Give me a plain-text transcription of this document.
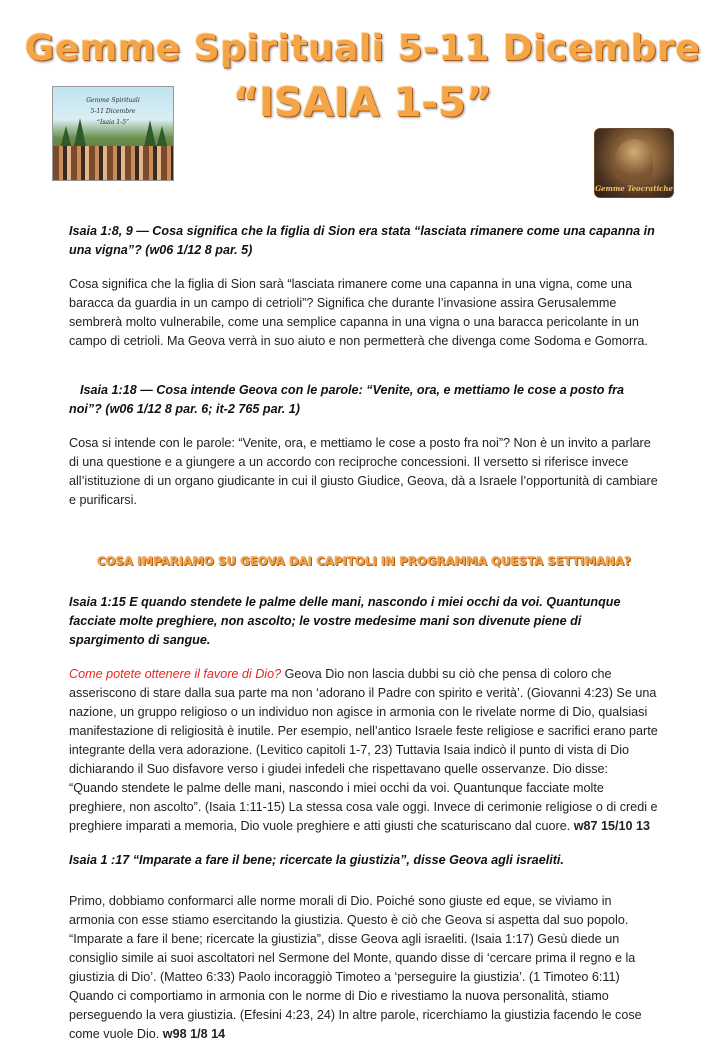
Gemme Spirituali 5-11 Dicembre
“ISAIA 1-5”
Gemme Spirituali
5-11 Dicembre
“Isaia 1-5”
Gemme Teocratiche

Isaia 1:8, 9 — Cosa significa che la figlia di Sion era stata “lasciata rimanere come una capanna in una vigna”? (w06 1/12 8 par. 5)

Cosa significa che la figlia di Sion sarà “lasciata rimanere come una capanna in una vigna, come una baracca da guardia in un campo di cetrioli”? Significa che durante l’invasione assira Gerusalemme sembrerà molto vulnerabile, come una semplice capanna in una vigna o una baracca pericolante in un campo di cetrioli. Ma Geova verrà in suo aiuto e non permetterà che divenga come Sodoma e Gomorra.

Isaia 1:18 — Cosa intende Geova con le parole: “Venite, ora, e mettiamo le cose a posto fra noi”? (w06 1/12 8 par. 6; it-2 765 par. 1)

Cosa si intende con le parole: “Venite, ora, e mettiamo le cose a posto fra noi”? Non è un invito a parlare di una questione e a giungere a un accordo con reciproche concessioni. Il versetto si riferisce invece all’istituzione di un organo giudicante in cui il giusto Giudice, Geova, dà a Israele l’opportunità di cambiare e purificarsi.

COSA IMPARIAMO SU GEOVA DAI CAPITOLI IN PROGRAMMA QUESTA SETTIMANA?

Isaia 1:15 E quando stendete le palme delle mani, nascondo i miei occhi da voi. Quantunque facciate molte preghiere, non ascolto; le vostre medesime mani son divenute piene di spargimento di sangue.

Come potete ottenere il favore di Dio? Geova Dio non lascia dubbi su ciò che pensa di coloro che asseriscono di stare dalla sua parte ma non ‘adorano il Padre con spirito e verità’. (Giovanni 4:23) Se una nazione, un gruppo religioso o un individuo non agisce in armonia con le rivelate norme di Dio, qualsiasi manifestazione di religiosità è inutile. Per esempio, nell’antico Israele feste religiose e sacrifici erano parte integrante della vera adorazione. (Levitico capitoli 1-7, 23) Tuttavia Isaia indicò il punto di vista di Dio dichiarando il Suo disfavore verso i giudei infedeli che rispettavano quelle osservanze. Dio disse: “Quando stendete le palme delle mani, nascondo i miei occhi da voi. Quantunque facciate molte preghiere, non ascolto”. (Isaia 1:11-15) La stessa cosa vale oggi. Invece di cerimonie religiose o di credi e preghiere imparati a memoria, Dio vuole preghiere e atti giusti che scaturiscano dal cuore. w87 15/10 13

Isaia 1 :17 “Imparate a fare il bene; ricercate la giustizia”, disse Geova agli israeliti.

Primo, dobbiamo conformarci alle norme morali di Dio. Poiché sono giuste ed eque, se viviamo in armonia con esse stiamo esercitando la giustizia. Questo è ciò che Geova si aspetta dal suo popolo. “Imparate a fare il bene; ricercate la giustizia”, disse Geova agli israeliti. (Isaia 1:17) Gesù diede un consiglio simile ai suoi ascoltatori nel Sermone del Monte, quando disse di ‘cercare prima il regno e la giustizia di Dio’. (Matteo 6:33) Paolo incoraggiò Timoteo a ‘perseguire la giustizia’. (1 Timoteo 6:11) Quando ci comportiamo in armonia con le norme di Dio e rivestiamo la nuova personalità, stiamo perseguendo la vera giustizia. (Efesini 4:23, 24) In altre parole, ricerchiamo la giustizia facendo le cose come vuole Dio. w98 1/8 14
